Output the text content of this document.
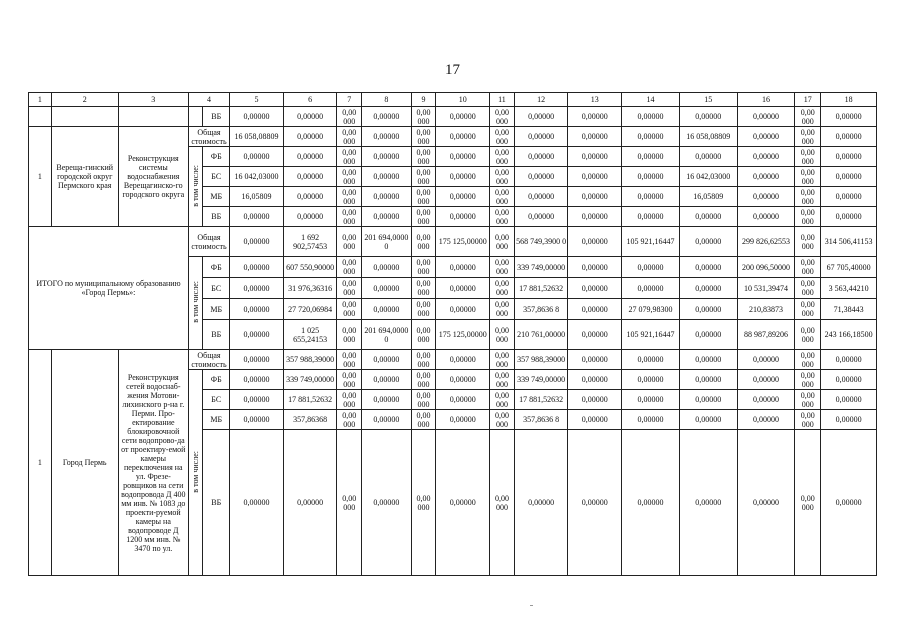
17
1	2	3	4		5	6	7	8	9	10	11	12	13	14	15	16	17	18
				ВБ	0,00000	0,00000	0,00 000	0,00000	0,00 000	0,00000	0,00 000	0,00000	0,00000	0,00000	0,00000	0,00000	0,00 000	0,00000
1	Вереща-гинский городской округ Пермского края	Реконструкция системы водоснабжения Верещагинско-го городского округа	Общая стоимость		16 058,08809	0,00000	0,00 000	0,00000	0,00 000	0,00000	0,00 000	0,00000	0,00000	0,00000	16 058,08809	0,00000	0,00 000	0,00000
			в том числе:	ФБ	0,00000	0,00000	0,00 000	0,00000	0,00 000	0,00000	0,00 000	0,00000	0,00000	0,00000	0,00000	0,00000	0,00 000	0,00000
				БС	16 042,03000	0,00000	0,00 000	0,00000	0,00 000	0,00000	0,00 000	0,00000	0,00000	0,00000	16 042,03000	0,00000	0,00 000	0,00000
				МБ	16,05809	0,00000	0,00 000	0,00000	0,00 000	0,00000	0,00 000	0,00000	0,00000	0,00000	16,05809	0,00000	0,00 000	0,00000
				ВБ	0,00000	0,00000	0,00 000	0,00000	0,00 000	0,00000	0,00 000	0,00000	0,00000	0,00000	0,00000	0,00000	0,00 000	0,00000
ИТОГО по муниципальному образованию «Город Пермь»:			Общая стоимость		0,00000	1 692 902,57453	0,00 000	201 694,0000 0	0,00 000	175 125,00000	0,00 000	568 749,3900 0	0,00000	105 921,16447	0,00000	299 826,62553	0,00 000	314 506,41153
			в том числе:	ФБ	0,00000	607 550,90000	0,00 000	0,00000	0,00 000	0,00000	0,00 000	339 749,00000	0,00000	0,00000	0,00000	200 096,50000	0,00 000	67 705,40000
				БС	0,00000	31 976,36316	0,00 000	0,00000	0,00 000	0,00000	0,00 000	17 881,52632	0,00000	0,00000	0,00000	10 531,39474	0,00 000	3 563,44210
				МБ	0,00000	27 720,06984	0,00 000	0,00000	0,00 000	0,00000	0,00 000	357,8636 8	0,00000	27 079,98300	0,00000	210,83873	0,00 000	71,38443
				ВБ	0,00000	1 025 655,24153	0,00 000	201 694,0000 0	0,00 000	175 125,00000	0,00 000	210 761,00000	0,00000	105 921,16447	0,00000	88 987,89206	0,00 000	243 166,18500
1	Город Пермь	Реконструкция сетей водоснаб-жения Мотови-лихинского р-на г. Перми. Про-ектирование блокировочной сети водопрово-да от проектиру-емой камеры переключения на ул. Фрезе-ровщиков на сети водопровода Д 400 мм инв. № 1083 до проекти-руемой камеры на водопроводе Д 1200 мм инв. № 3470 по ул.	Общая стоимость		0,00000	357 988,39000	0,00 000	0,00000	0,00 000	0,00000	0,00 000	357 988,39000	0,00000	0,00000	0,00000	0,00000	0,00 000	0,00000
			в том числе:	ФБ	0,00000	339 749,00000	0,00 000	0,00000	0,00 000	0,00000	0,00 000	339 749,00000	0,00000	0,00000	0,00000	0,00000	0,00 000	0,00000
				БС	0,00000	17 881,52632	0,00 000	0,00000	0,00 000	0,00000	0,00 000	17 881,52632	0,00000	0,00000	0,00000	0,00000	0,00 000	0,00000
				МБ	0,00000	357,86368	0,00 000	0,00000	0,00 000	0,00000	0,00 000	357,8636 8	0,00000	0,00000	0,00000	0,00000	0,00 000	0,00000
				ВБ	0,00000	0,00000	0,00 000	0,00000	0,00 000	0,00000	0,00 000	0,00000	0,00000	0,00000	0,00000	0,00000	0,00 000	0,00000
